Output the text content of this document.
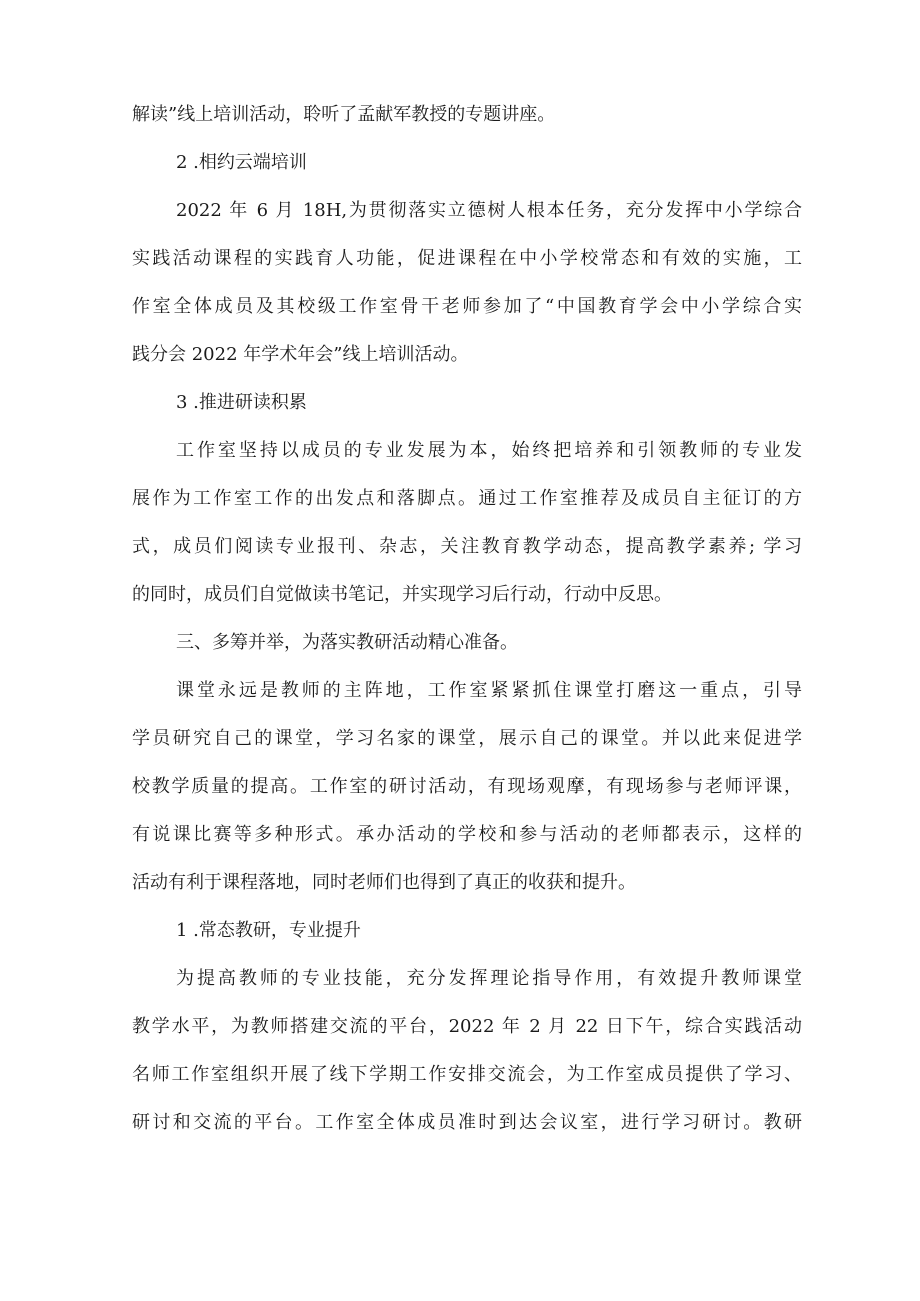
解读”线上培训活动，聆听了孟献军教授的专题讲座。
2 .相约云端培训
2022 年 6 月 18H,为贯彻落实立德树人根本任务，充分发挥中小学综合
实践活动课程的实践育人功能，促进课程在中小学校常态和有效的实施，工
作室全体成员及其校级工作室骨干老师参加了“中国教育学会中小学综合实
践分会 2022 年学术年会”线上培训活动。
3 .推进研读积累
工作室坚持以成员的专业发展为本，始终把培养和引领教师的专业发
展作为工作室工作的出发点和落脚点。通过工作室推荐及成员自主征订的方
式，成员们阅读专业报刊、杂志，关注教育教学动态，提高教学素养; 学习
的同时，成员们自觉做读书笔记，并实现学习后行动，行动中反思。
三、多筹并举，为落实教研活动精心准备。
课堂永远是教师的主阵地，工作室紧紧抓住课堂打磨这一重点，引导
学员研究自己的课堂，学习名家的课堂，展示自己的课堂。并以此来促进学
校教学质量的提高。工作室的研讨活动，有现场观摩，有现场参与老师评课，
有说课比赛等多种形式。承办活动的学校和参与活动的老师都表示，这样的
活动有利于课程落地，同时老师们也得到了真正的收获和提升。
1 .常态教研，专业提升
为提高教师的专业技能，充分发挥理论指导作用，有效提升教师课堂
教学水平，为教师搭建交流的平台，2022 年 2 月 22 日下午，综合实践活动
名师工作室组织开展了线下学期工作安排交流会，为工作室成员提供了学习、
研讨和交流的平台。工作室全体成员准时到达会议室，进行学习研讨。教研
